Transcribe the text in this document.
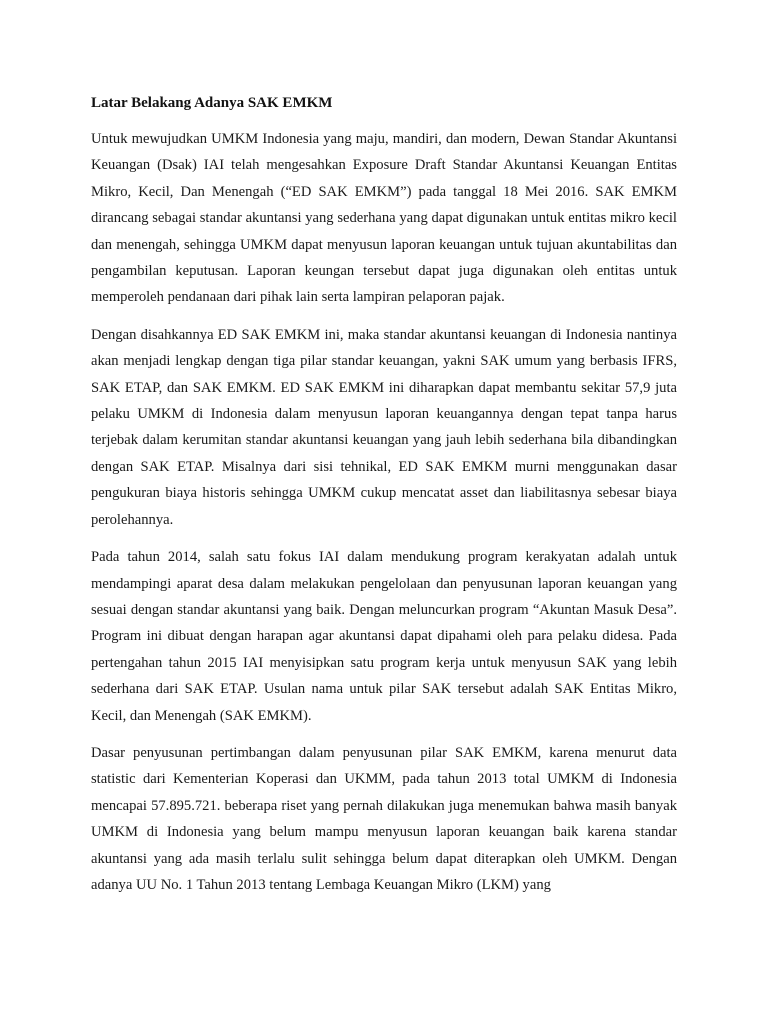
Latar Belakang Adanya SAK EMKM

Untuk mewujudkan UMKM Indonesia yang maju, mandiri, dan modern, Dewan Standar Akuntansi Keuangan (Dsak) IAI telah mengesahkan Exposure Draft Standar Akuntansi Keuangan Entitas Mikro, Kecil, Dan Menengah (“ED SAK EMKM”) pada tanggal 18 Mei 2016. SAK EMKM dirancang sebagai standar akuntansi yang sederhana yang dapat digunakan untuk entitas mikro kecil dan menengah, sehingga UMKM dapat menyusun laporan keuangan untuk tujuan akuntabilitas dan pengambilan keputusan. Laporan keungan tersebut dapat juga digunakan oleh entitas untuk memperoleh pendanaan dari pihak lain serta lampiran pelaporan pajak.

Dengan disahkannya ED SAK EMKM ini, maka standar akuntansi keuangan di Indonesia nantinya akan menjadi lengkap dengan tiga pilar standar keuangan, yakni SAK umum yang berbasis IFRS, SAK ETAP, dan SAK EMKM. ED SAK EMKM ini diharapkan dapat membantu sekitar 57,9 juta pelaku UMKM di Indonesia dalam menyusun laporan keuangannya dengan tepat tanpa harus terjebak dalam kerumitan standar akuntansi keuangan yang jauh lebih sederhana bila dibandingkan dengan SAK ETAP. Misalnya dari sisi tehnikal, ED SAK EMKM murni menggunakan dasar pengukuran biaya historis sehingga UMKM cukup mencatat asset dan liabilitasnya sebesar biaya perolehannya.

Pada tahun 2014, salah satu fokus IAI dalam mendukung program kerakyatan adalah untuk mendampingi aparat desa dalam melakukan pengelolaan dan penyusunan laporan keuangan yang sesuai dengan standar akuntansi yang baik. Dengan meluncurkan program “Akuntan Masuk Desa”. Program ini dibuat dengan harapan agar akuntansi dapat dipahami oleh para pelaku didesa. Pada pertengahan tahun 2015 IAI menyisipkan satu program kerja untuk menyusun SAK yang lebih sederhana dari SAK ETAP. Usulan nama untuk pilar SAK tersebut adalah SAK Entitas Mikro, Kecil, dan Menengah (SAK EMKM).

Dasar penyusunan pertimbangan dalam penyusunan pilar SAK EMKM, karena menurut data statistic dari Kementerian Koperasi dan UKMM, pada tahun 2013 total UMKM di Indonesia mencapai 57.895.721. beberapa riset yang pernah dilakukan juga menemukan bahwa masih banyak UMKM di Indonesia yang belum mampu menyusun laporan keuangan baik karena standar akuntansi yang ada masih terlalu sulit sehingga belum dapat diterapkan oleh UMKM. Dengan adanya UU No. 1 Tahun 2013 tentang Lembaga Keuangan Mikro (LKM) yang
